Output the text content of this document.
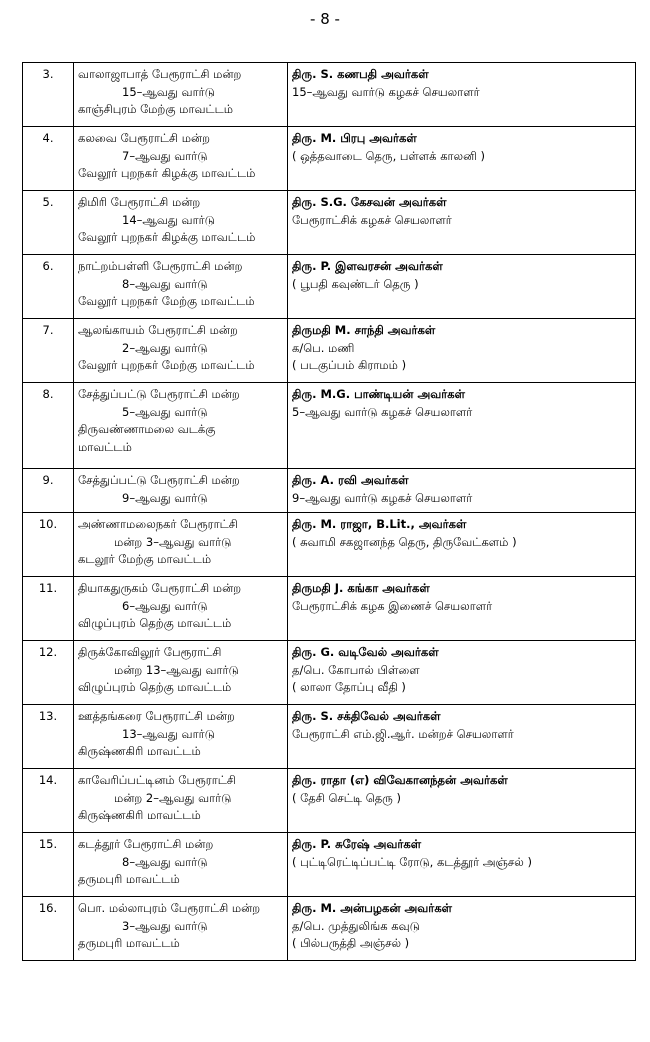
- 8 -
3.	வாலாஜாபாத் பேரூராட்சி மன்ற
15–ஆவது வார்டு
காஞ்சிபுரம் மேற்கு மாவட்டம்	திரு. S. கணபதி அவர்கள்
15–ஆவது வார்டு கழகச் செயலாளர்

4.	கலவை பேரூராட்சி மன்ற
7–ஆவது வார்டு
வேலூர் புறநகர் கிழக்கு மாவட்டம்	திரு. M. பிரபு அவர்கள்
( ஒத்தவாடை தெரு, பள்ளக் காலனி )

5.	திமிரி பேரூராட்சி மன்ற
14–ஆவது வார்டு
வேலூர் புறநகர் கிழக்கு மாவட்டம்	திரு. S.G. கேசவன் அவர்கள்
பேரூராட்சிக் கழகச் செயலாளர்

6.	நாட்றம்பள்ளி பேரூராட்சி மன்ற
8–ஆவது வார்டு
வேலூர் புறநகர் மேற்கு மாவட்டம்	திரு. P. இளவரசன் அவர்கள்
( பூபதி கவுண்டர் தெரு )

7.	ஆலங்காயம் பேரூராட்சி மன்ற
2–ஆவது வார்டு
வேலூர் புறநகர் மேற்கு மாவட்டம்	திருமதி M. சாந்தி அவர்கள்
க/பெ. மணி
( படகுப்பம் கிராமம் )

8.	சேத்துப்பட்டு பேரூராட்சி மன்ற
5–ஆவது வார்டு
திருவண்ணாமலை வடக்கு
மாவட்டம்	திரு. M.G. பாண்டியன் அவர்கள்
5–ஆவது வார்டு கழகச் செயலாளர்

9.	சேத்துப்பட்டு பேரூராட்சி மன்ற
9–ஆவது வார்டு	திரு. A. ரவி அவர்கள்
9–ஆவது வார்டு கழகச் செயலாளர்

10.	அண்ணாமலைநகர் பேரூராட்சி
மன்ற 3–ஆவது வார்டு
கடலூர் மேற்கு மாவட்டம்	திரு. M. ராஜா, B.Lit., அவர்கள்
( சுவாமி சகஜானந்த தெரு, திருவேட்களம் )

11.	தியாகதுருகம் பேரூராட்சி மன்ற
6–ஆவது வார்டு
விழுப்புரம் தெற்கு மாவட்டம்	திருமதி J. கங்கா அவர்கள்
பேரூராட்சிக் கழக இணைச் செயலாளர்

12.	திருக்கோவிலூர் பேரூராட்சி
மன்ற 13–ஆவது வார்டு
விழுப்புரம் தெற்கு மாவட்டம்	திரு. G. வடிவேல் அவர்கள்
த/பெ. கோபால் பிள்ளை
( லாலா தோப்பு வீதி )

13.	ஊத்தங்கரை பேரூராட்சி மன்ற
13–ஆவது வார்டு
கிருஷ்ணகிரி மாவட்டம்	திரு. S. சக்திவேல் அவர்கள்
பேரூராட்சி எம்.ஜி.ஆர். மன்றச் செயலாளர்

14.	காவேரிப்பட்டினம் பேரூராட்சி
மன்ற 2–ஆவது வார்டு
கிருஷ்ணகிரி மாவட்டம்	திரு. ராதா (எ) விவேகானந்தன் அவர்கள்
( தேசி செட்டி தெரு )

15.	கடத்தூர் பேரூராட்சி மன்ற
8–ஆவது வார்டு
தருமபுரி மாவட்டம்	திரு. P. சுரேஷ் அவர்கள்
( புட்டிரெட்டிப்பட்டி ரோடு, கடத்தூர் அஞ்சல் )

16.	பொ. மல்லாபுரம் பேரூராட்சி மன்ற
3–ஆவது வார்டு
தருமபுரி மாவட்டம்	திரு. M. அன்பழகன் அவர்கள்
த/பெ. முத்துலிங்க கவுடு
( பில்பருத்தி அஞ்சல் )
